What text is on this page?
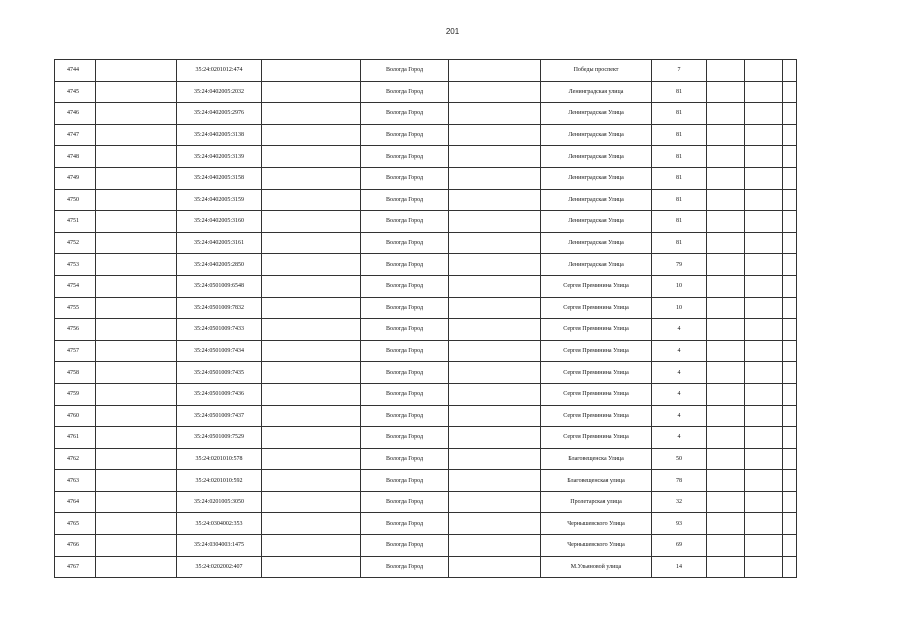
201
4744		35:24:0201012:474		Вологда Город		Победы проспект	7			
4745		35:24:0402005:2032		Вологда Город		Ленинградская улица	81			
4746		35:24:0402005:2976		Вологда Город		Ленинградская Улица	81			
4747		35:24:0402005:3138		Вологда Город		Ленинградская Улица	81			
4748		35:24:0402005:3139		Вологда Город		Ленинградская Улица	81			
4749		35:24:0402005:3158		Вологда Город		Ленинградская Улица	81			
4750		35:24:0402005:3159		Вологда Город		Ленинградская Улица	81			
4751		35:24:0402005:3160		Вологда Город		Ленинградская Улица	81			
4752		35:24:0402005:3161		Вологда Город		Ленинградская Улица	81			
4753		35:24:0402005:2850		Вологда Город		Ленинградская Улица	79			
4754		35:24:0501009:6548		Вологда Город		Сергея Преминина Улица	10			
4755		35:24:0501009:7832		Вологда Город		Сергея Преминина Улица	10			
4756		35:24:0501009:7433		Вологда Город		Сергея Преминина Улица	4			
4757		35:24:0501009:7434		Вологда Город		Сергея Преминина Улица	4			
4758		35:24:0501009:7435		Вологда Город		Сергея Преминина Улица	4			
4759		35:24:0501009:7436		Вологда Город		Сергея Преминина Улица	4			
4760		35:24:0501009:7437		Вологда Город		Сергея Преминина Улица	4			
4761		35:24:0501009:7529		Вологда Город		Сергея Преминина Улица	4			
4762		35:24:0201010:578		Вологда Город		Благовещенска Улица	50			
4763		35:24:0201010:592		Вологда Город		Благовещенская улица	78			
4764		35:24:0201005:3050		Вологда Город		Пролетарская улица	32			
4765		35:24:0304002:353		Вологда Город		Чернышевского Улица	93			
4766		35:24:0304003:1475		Вологда Город		Чернышевского Улица	69			
4767		35:24:0202002:407		Вологда Город		М.Ульяновой улица	14			
